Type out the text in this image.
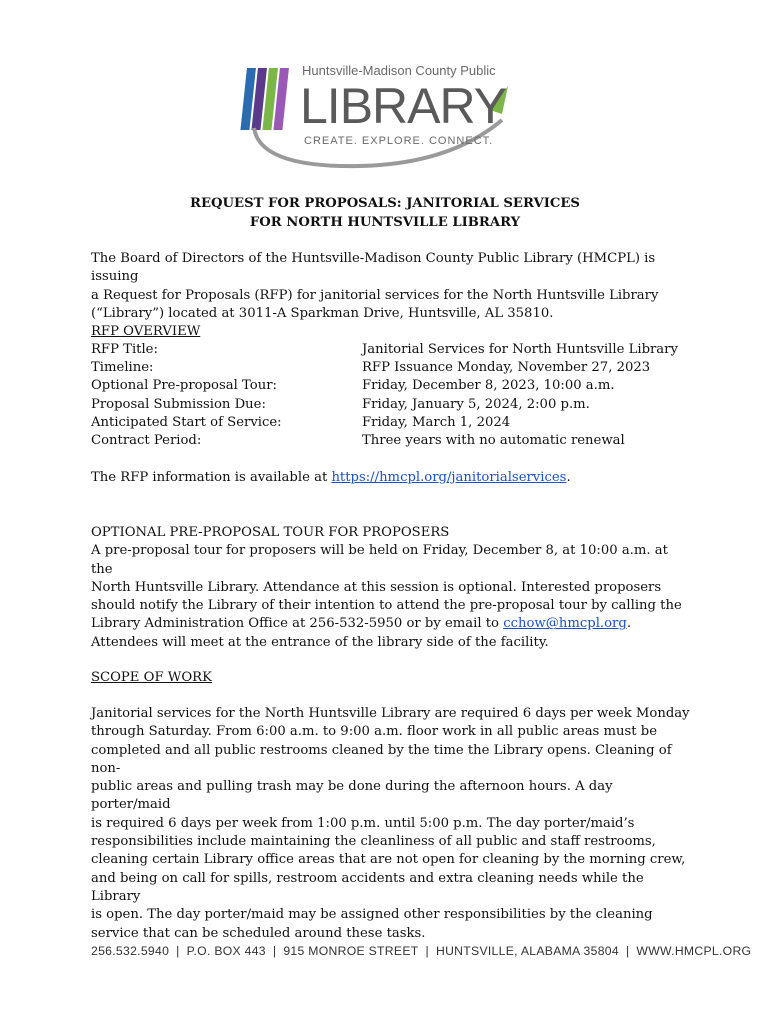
Huntsville-Madison County Public
LIBRARY
CREATE. EXPLORE. CONNECT.
REQUEST FOR PROPOSALS: JANITORIAL SERVICES
FOR NORTH HUNTSVILLE LIBRARY
The Board of Directors of the Huntsville-Madison County Public Library (HMCPL) is issuing
a Request for Proposals (RFP) for janitorial services for the North Huntsville Library
(“Library”) located at 3011-A Sparkman Drive, Huntsville, AL 35810.
RFP OVERVIEW
RFP Title:	Janitorial Services for North Huntsville Library
Timeline:	RFP Issuance Monday, November 27, 2023
Optional Pre-proposal Tour:	Friday, December 8, 2023, 10:00 a.m.
Proposal Submission Due:	Friday, January 5, 2024, 2:00 p.m.
Anticipated Start of Service:	Friday, March 1, 2024
Contract Period:	Three years with no automatic renewal
The RFP information is available at https://hmcpl.org/janitorialservices.
OPTIONAL PRE-PROPOSAL TOUR FOR PROPOSERS
A pre-proposal tour for proposers will be held on Friday, December 8, at 10:00 a.m. at the
North Huntsville Library. Attendance at this session is optional. Interested proposers
should notify the Library of their intention to attend the pre-proposal tour by calling the
Library Administration Office at 256-532-5950 or by email to cchow@hmcpl.org.
Attendees will meet at the entrance of the library side of the facility.
SCOPE OF WORK
Janitorial services for the North Huntsville Library are required 6 days per week Monday
through Saturday. From 6:00 a.m. to 9:00 a.m. floor work in all public areas must be
completed and all public restrooms cleaned by the time the Library opens. Cleaning of non-
public areas and pulling trash may be done during the afternoon hours. A day porter/maid
is required 6 days per week from 1:00 p.m. until 5:00 p.m. The day porter/maid’s
responsibilities include maintaining the cleanliness of all public and staff restrooms,
cleaning certain Library office areas that are not open for cleaning by the morning crew,
and being on call for spills, restroom accidents and extra cleaning needs while the Library
is open. The day porter/maid may be assigned other responsibilities by the cleaning
service that can be scheduled around these tasks.
256.532.5940 | P.O. BOX 443 | 915 MONROE STREET | HUNTSVILLE, ALABAMA 35804 | WWW.HMCPL.ORG
